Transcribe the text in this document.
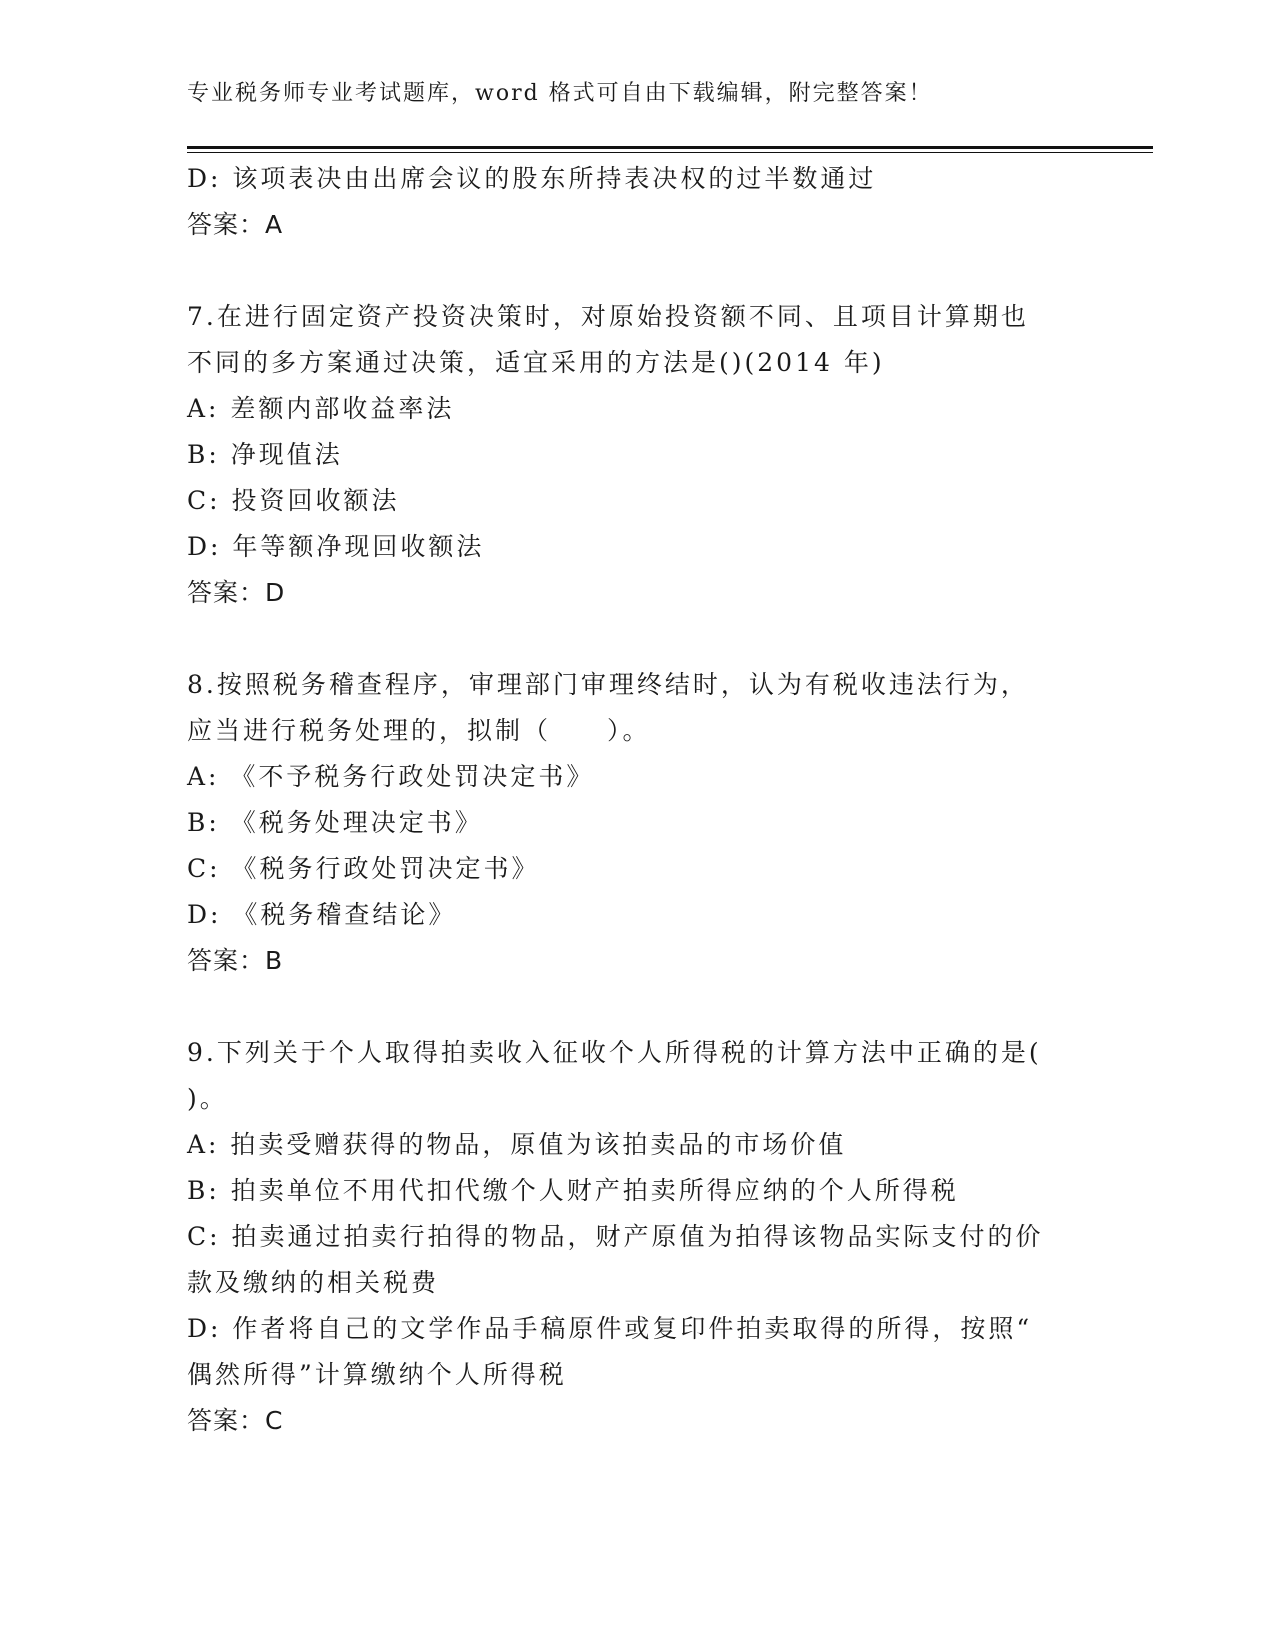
专业税务师专业考试题库，word 格式可自由下载编辑，附完整答案！
D: 该项表决由出席会议的股东所持表决权的过半数通过
答案：A
7.在进行固定资产投资决策时，对原始投资额不同、且项目计算期也
不同的多方案通过决策，适宜采用的方法是()(2014 年)
A: 差额内部收益率法
B: 净现值法
C: 投资回收额法
D: 年等额净现回收额法
答案：D
8.按照税务稽查程序，审理部门审理终结时，认为有税收违法行为，
应当进行税务处理的，拟制（　　）。
A: 《不予税务行政处罚决定书》
B: 《税务处理决定书》
C: 《税务行政处罚决定书》
D: 《税务稽查结论》
答案：B
9.下列关于个人取得拍卖收入征收个人所得税的计算方法中正确的是(
)。
A: 拍卖受赠获得的物品，原值为该拍卖品的市场价值
B: 拍卖单位不用代扣代缴个人财产拍卖所得应纳的个人所得税
C: 拍卖通过拍卖行拍得的物品，财产原值为拍得该物品实际支付的价
款及缴纳的相关税费
D: 作者将自己的文学作品手稿原件或复印件拍卖取得的所得，按照“
偶然所得”计算缴纳个人所得税
答案：C
